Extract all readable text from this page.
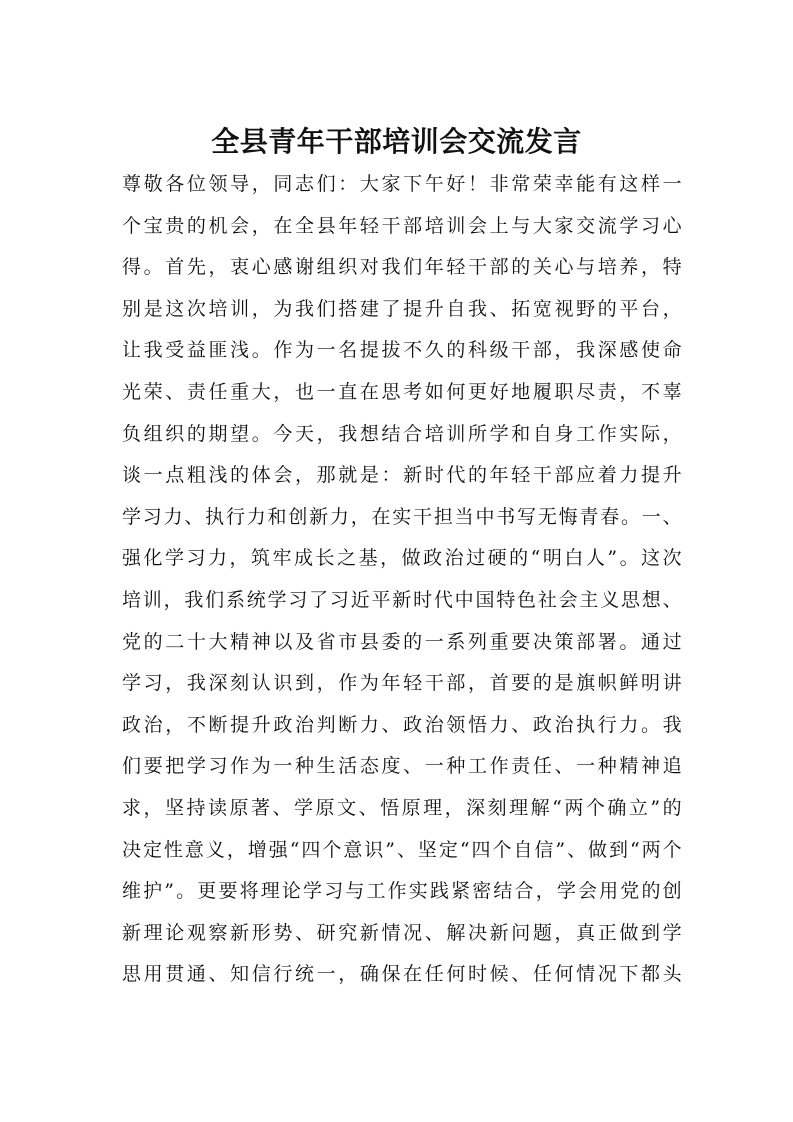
全县青年干部培训会交流发言
尊敬各位领导，同志们：大家下午好！非常荣幸能有这样一
个宝贵的机会，在全县年轻干部培训会上与大家交流学习心
得。首先，衷心感谢组织对我们年轻干部的关心与培养，特
别是这次培训，为我们搭建了提升自我、拓宽视野的平台，
让我受益匪浅。作为一名提拔不久的科级干部，我深感使命
光荣、责任重大，也一直在思考如何更好地履职尽责，不辜
负组织的期望。今天，我想结合培训所学和自身工作实际，
谈一点粗浅的体会，那就是：新时代的年轻干部应着力提升
学习力、执行力和创新力，在实干担当中书写无悔青春。一、
强化学习力，筑牢成长之基，做政治过硬的“明白人”。这次
培训，我们系统学习了习近平新时代中国特色社会主义思想、
党的二十大精神以及省市县委的一系列重要决策部署。通过
学习，我深刻认识到，作为年轻干部，首要的是旗帜鲜明讲
政治，不断提升政治判断力、政治领悟力、政治执行力。我
们要把学习作为一种生活态度、一种工作责任、一种精神追
求，坚持读原著、学原文、悟原理，深刻理解“两个确立”的
决定性意义，增强“四个意识”、坚定“四个自信”、做到“两个
维护”。更要将理论学习与工作实践紧密结合，学会用党的创
新理论观察新形势、研究新情况、解决新问题，真正做到学
思用贯通、知信行统一，确保在任何时候、任何情况下都头
